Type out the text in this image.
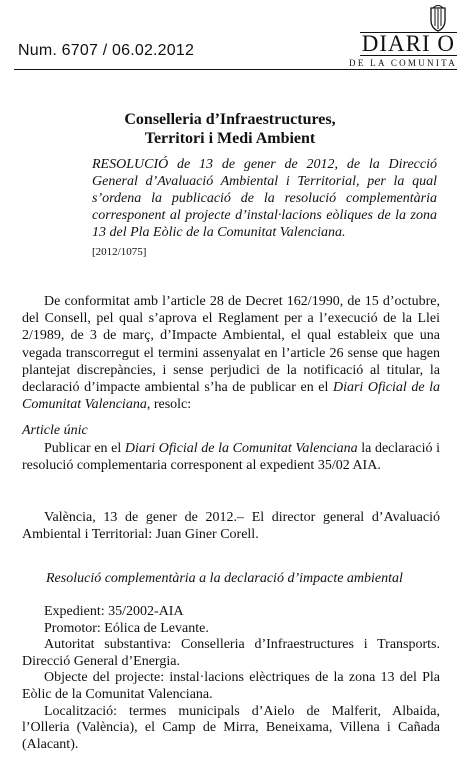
Num. 6707 / 06.02.2012	DIARI O
DE LA COMUNITA
Conselleria d’Infraestructures,
Territori i Medi Ambient
RESOLUCIÓ de 13 de gener de 2012, de la Direcció General d’Avaluació Ambiental i Territorial, per la qual s’ordena la publicació de la resolució complementària corresponent al projecte d’instal·lacions eòliques de la zona 13 del Pla Eòlic de la Comunitat Valenciana.
[2012/1075]
De conformitat amb l’article 28 de Decret 162/1990, de 15 d’octubre, del Consell, pel qual s’aprova el Reglament per a l’execució de la Llei 2/1989, de 3 de març, d’Impacte Ambiental, el qual estableix que una vegada transcorregut el termini assenyalat en l’article 26 sense que hagen plantejat discrepàncies, i sense perjudici de la notificació al titular, la declaració d’impacte ambiental s’ha de publicar en el Diari Oficial de la Comunitat Valenciana, resolc:
Article únic
Publicar en el Diari Oficial de la Comunitat Valenciana la declaració i resolució complementaria corresponent al expedient 35/02 AIA.
València, 13 de gener de 2012.– El director general d’Avaluació Ambiental i Territorial: Juan Giner Corell.
Resolució complementària a la declaració d’impacte ambiental

Expedient: 35/2002-AIA

Promotor: Eólica de Levante.

Autoritat substantiva: Conselleria d’Infraestructures i Transports. Direcció General d’Energia.

Objecte del projecte: instal·lacions elèctriques de la zona 13 del Pla Eòlic de la Comunitat Valenciana.

Localització: termes municipals d’Aielo de Malferit, Albaida, l’Olleria (València), el Camp de Mirra, Beneixama, Villena i Cañada (Alacant).
